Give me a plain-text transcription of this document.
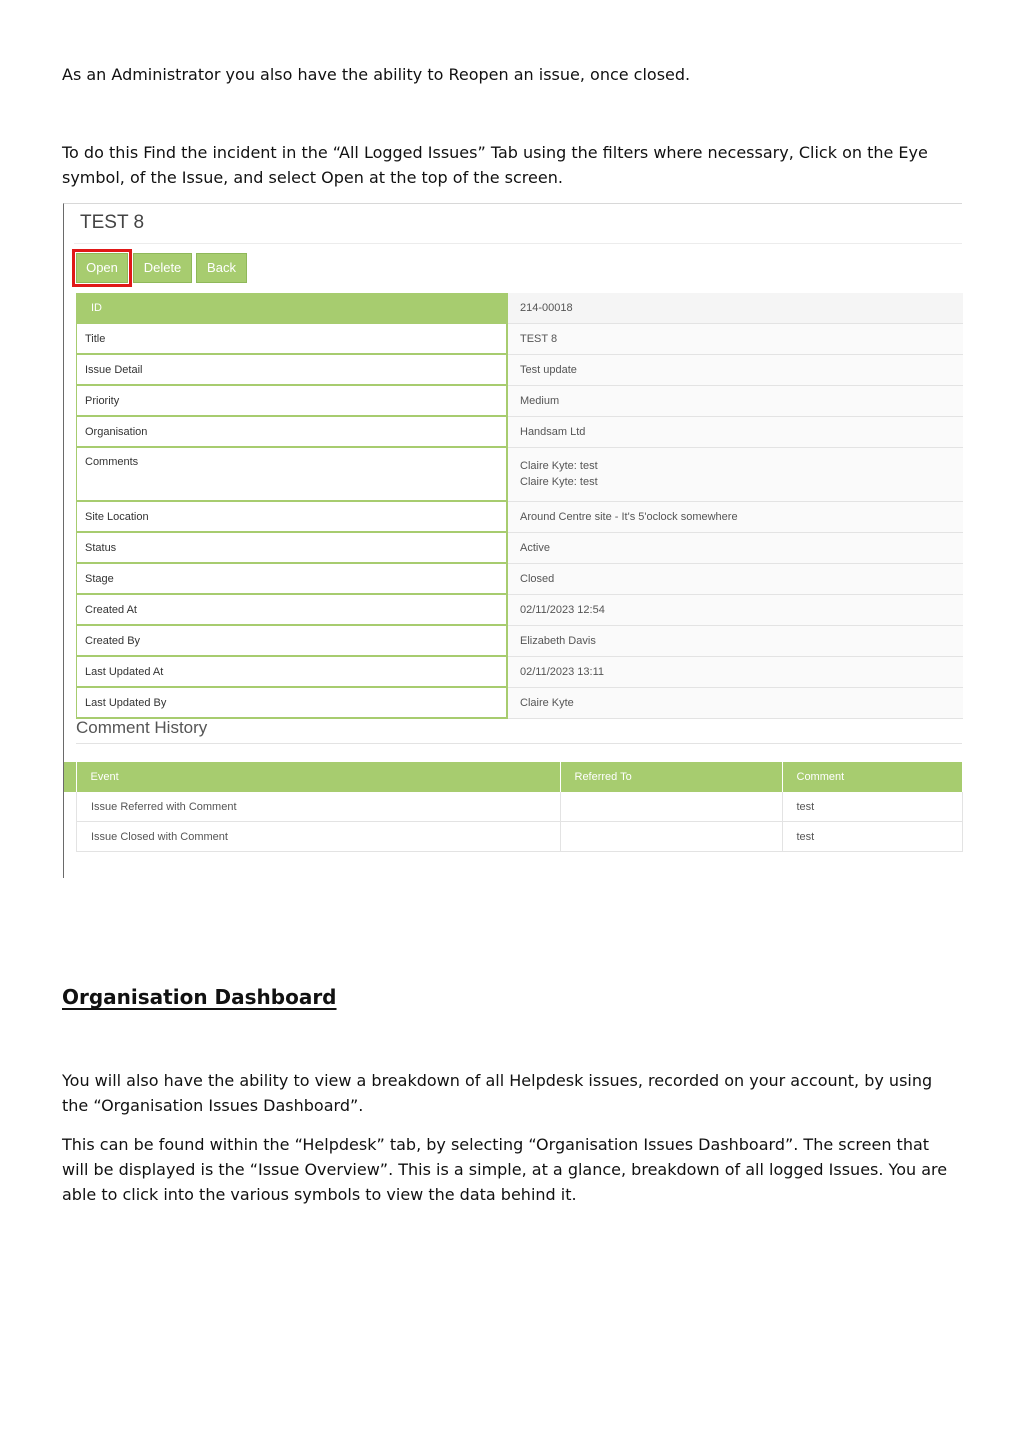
As an Administrator you also have the ability to Reopen an issue, once closed.

To do this Find the incident in the “All Logged Issues” Tab using the filters where necessary, Click on the Eye symbol, of the Issue, and select Open at the top of the screen.

TEST 8
Open	Delete	Back
ID	214-00018
Title	TEST 8
Issue Detail	Test update
Priority	Medium
Organisation	Handsam Ltd
Comments	Claire Kyte: test
Claire Kyte: test

Site Location	Around Centre site - It's 5'oclock somewhere
Status	Active
Stage	Closed
Created At	02/11/2023 12:54
Created By	Elizabeth Davis
Last Updated At	02/11/2023 13:11
Last Updated By	Claire Kyte
Comment History
Event	Referred To	Comment
Issue Referred with Comment		test
Issue Closed with Comment		test
Organisation Dashboard

You will also have the ability to view a breakdown of all Helpdesk issues, recorded on your account, by using the “Organisation Issues Dashboard”.

This can be found within the “Helpdesk” tab, by selecting “Organisation Issues Dashboard”. The screen that will be displayed is the “Issue Overview”. This is a simple, at a glance, breakdown of all logged Issues. You are able to click into the various symbols to view the data behind it.
